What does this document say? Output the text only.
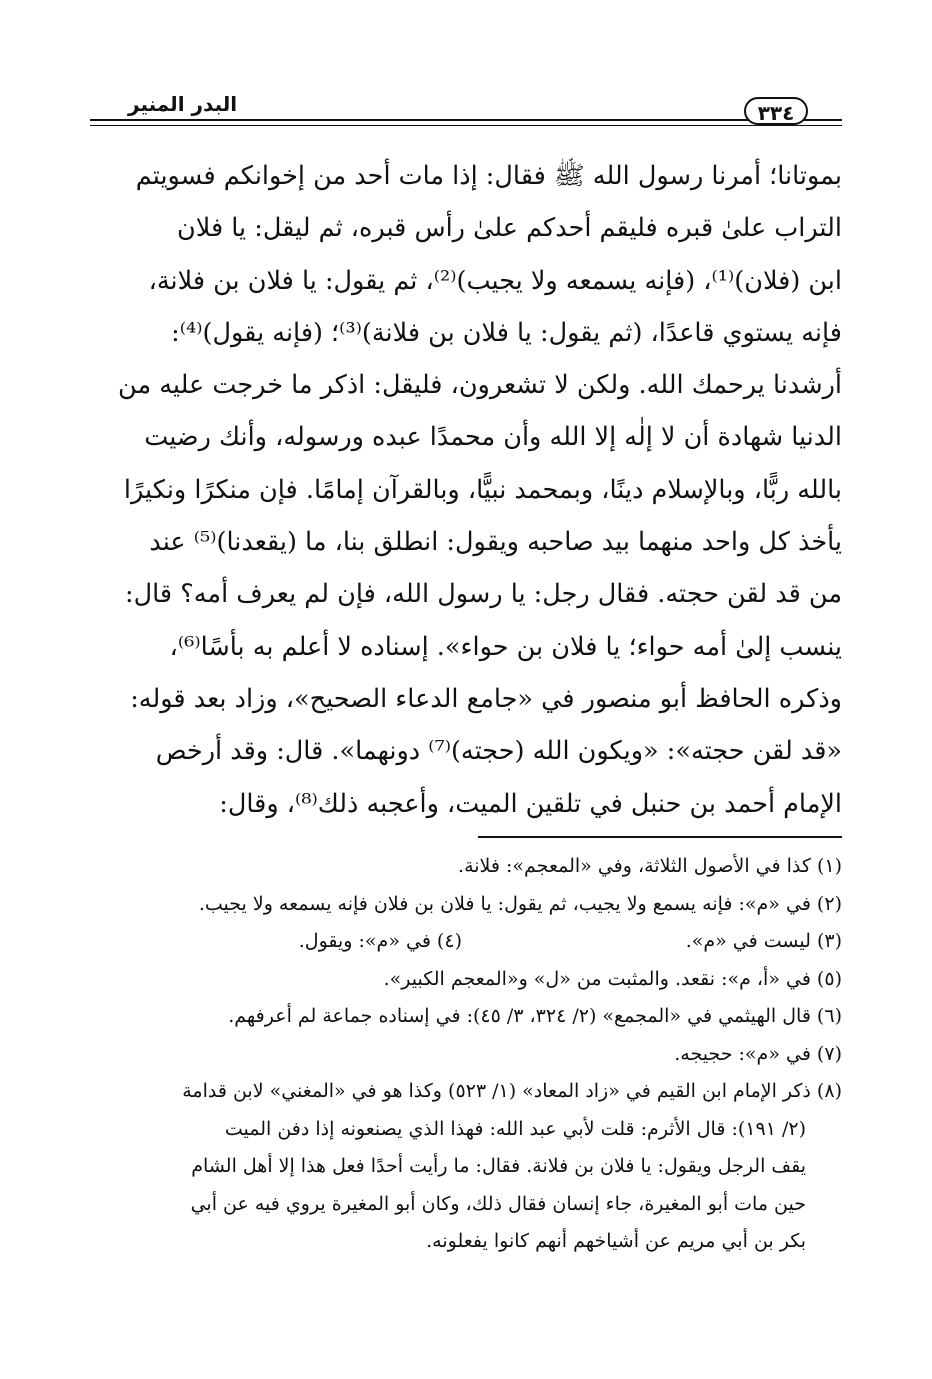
البدر المنير	٣٣٤
بموتانا؛ أمرنا رسول الله ﷺ فقال: إذا مات أحد من إخوانكم فسويتم
التراب علىٰ قبره فليقم أحدكم علىٰ رأس قبره، ثم ليقل: يا فلان
ابن (فلان)⁽¹⁾، (فإنه يسمعه ولا يجيب)⁽²⁾، ثم يقول: يا فلان بن فلانة،
فإنه يستوي قاعدًا، (ثم يقول: يا فلان بن فلانة)⁽³⁾؛ (فإنه يقول)⁽⁴⁾:
أرشدنا يرحمك الله. ولكن لا تشعرون، فليقل: اذكر ما خرجت عليه من
الدنيا شهادة أن لا إلٰه إلا الله وأن محمدًا عبده ورسوله، وأنك رضيت
بالله ربًّا، وبالإسلام دينًا، وبمحمد نبيًّا، وبالقرآن إمامًا. فإن منكرًا ونكيرًا
يأخذ كل واحد منهما بيد صاحبه ويقول: انطلق بنا، ما (يقعدنا)⁽⁵⁾ عند
من قد لقن حجته. فقال رجل: يا رسول الله، فإن لم يعرف أمه؟ قال:
ينسب إلىٰ أمه حواء؛ يا فلان بن حواء». إسناده لا أعلم به بأسًا⁽⁶⁾،
وذكره الحافظ أبو منصور في «جامع الدعاء الصحيح»، وزاد بعد قوله:
«قد لقن حجته»: «ويكون الله (حجته)⁽⁷⁾ دونهما». قال: وقد أرخص
الإمام أحمد بن حنبل في تلقين الميت، وأعجبه ذلك⁽⁸⁾، وقال:
(١) كذا في الأصول الثلاثة، وفي «المعجم»: فلانة.
(٢) في «م»: فإنه يسمع ولا يجيب، ثم يقول: يا فلان بن فلان فإنه يسمعه ولا يجيب.
(٣) ليست في «م».
(٤) في «م»: ويقول.
(٥) في «أ، م»: نقعد. والمثبت من «ل» و«المعجم الكبير».
(٦) قال الهيثمي في «المجمع» (٢/ ٣٢٤، ٣/ ٤٥): في إسناده جماعة لم أعرفهم.
(٧) في «م»: حجيجه.
(٨) ذكر الإمام ابن القيم في «زاد المعاد» (١/ ٥٢٣) وكذا هو في «المغني» لابن قدامة
(٢/ ١٩١): قال الأثرم: قلت لأبي عبد الله: فهذا الذي يصنعونه إذا دفن الميت
يقف الرجل ويقول: يا فلان بن فلانة. فقال: ما رأيت أحدًا فعل هذا إلا أهل الشام
حين مات أبو المغيرة، جاء إنسان فقال ذلك، وكان أبو المغيرة يروي فيه عن أبي
بكر بن أبي مريم عن أشياخهم أنهم كانوا يفعلونه.
